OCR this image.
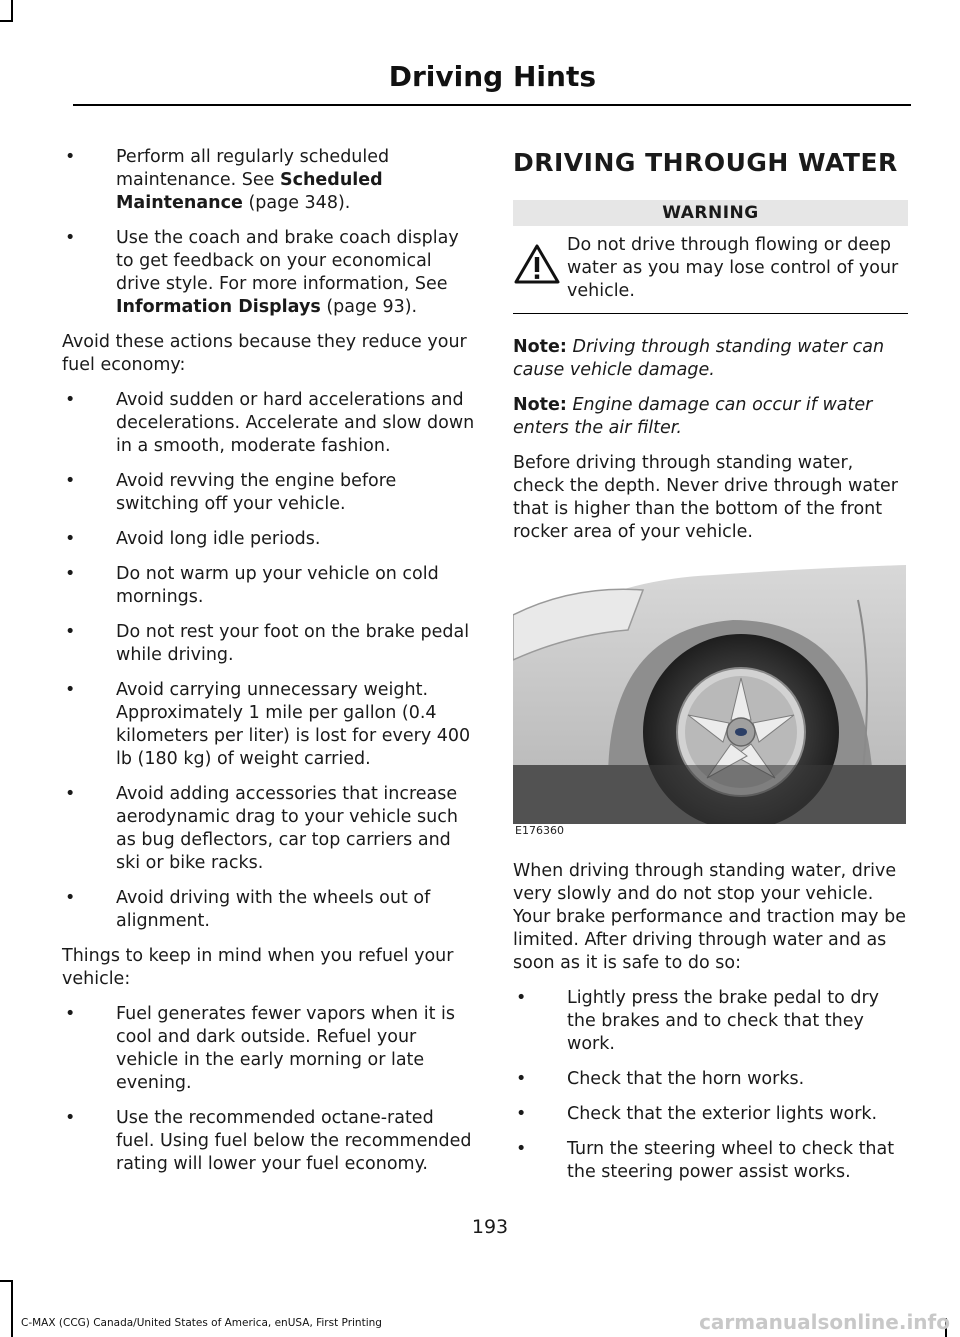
Driving Hints
• Perform all regularly scheduled maintenance. See Scheduled Maintenance (page 348).
• Use the coach and brake coach display to get feedback on your economical drive style. For more information, See Information Displays (page 93).

Avoid these actions because they reduce your fuel economy:

• Avoid sudden or hard accelerations and decelerations. Accelerate and slow down in a smooth, moderate fashion.
• Avoid revving the engine before switching off your vehicle.
• Avoid long idle periods.
• Do not warm up your vehicle on cold mornings.
• Do not rest your foot on the brake pedal while driving.
• Avoid carrying unnecessary weight. Approximately 1 mile per gallon (0.4 kilometers per liter) is lost for every 400 lb (180 kg) of weight carried.
• Avoid adding accessories that increase aerodynamic drag to your vehicle such as bug deflectors, car top carriers and ski or bike racks.
• Avoid driving with the wheels out of alignment.

Things to keep in mind when you refuel your vehicle:

• Fuel generates fewer vapors when it is cool and dark outside. Refuel your vehicle in the early morning or late evening.
• Use the recommended octane-rated fuel. Using fuel below the recommended rating will lower your fuel economy.
DRIVING THROUGH WATER
WARNING
Do not drive through flowing or deep water as you may lose control of your vehicle.

Note: Driving through standing water can cause vehicle damage.

Note: Engine damage can occur if water enters the air filter.

Before driving through standing water, check the depth. Never drive through water that is higher than the bottom of the front rocker area of your vehicle.

E176360

When driving through standing water, drive very slowly and do not stop your vehicle. Your brake performance and traction may be limited. After driving through water and as soon as it is safe to do so:

• Lightly press the brake pedal to dry the brakes and to check that they work.
• Check that the horn works.
• Check that the exterior lights work.
• Turn the steering wheel to check that the steering power assist works.
193
C-MAX (CCG) Canada/United States of America, enUSA, First Printing	carmanualsonline.info
